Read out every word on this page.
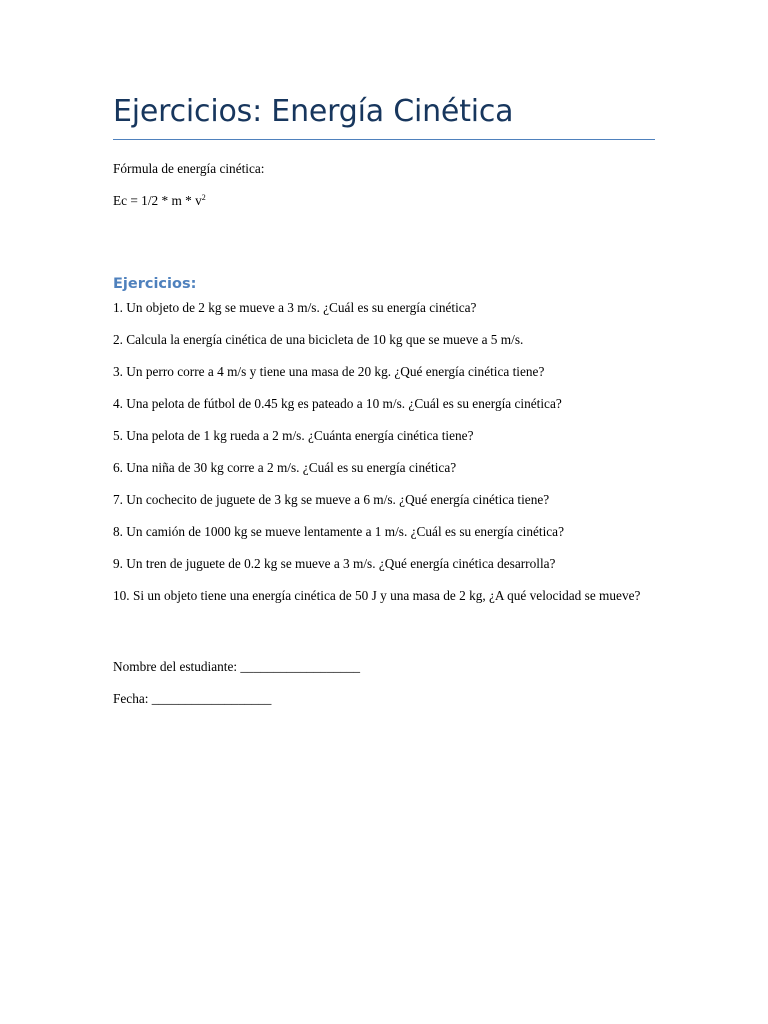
Ejercicios: Energía Cinética
Fórmula de energía cinética:
$Ec = 1/2 * m * v^2$
Ejercicios:
1. Un objeto de 2 kg se mueve a 3 m/s. ¿Cuál es su energía cinética?
2. Calcula la energía cinética de una bicicleta de 10 kg que se mueve a 5 m/s.
3. Un perro corre a 4 m/s y tiene una masa de 20 kg. ¿Qué energía cinética tiene?
4. Una pelota de fútbol de 0.45 kg es pateado a 10 m/s. ¿Cuál es su energía cinética?
5. Una pelota de 1 kg rueda a 2 m/s. ¿Cuánta energía cinética tiene?
6. Una niña de 30 kg corre a 2 m/s. ¿Cuál es su energía cinética?
7. Un cochecito de juguete de 3 kg se mueve a 6 m/s. ¿Qué energía cinética tiene?
8. Un camión de 1000 kg se mueve lentamente a 1 m/s. ¿Cuál es su energía cinética?
9. Un tren de juguete de 0.2 kg se mueve a 3 m/s. ¿Qué energía cinética desarrolla?
10. Si un objeto tiene una energía cinética de 50 J y una masa de 2 kg, ¿A qué velocidad se mueve?
Nombre del estudiante: __________________
Fecha: __________________
